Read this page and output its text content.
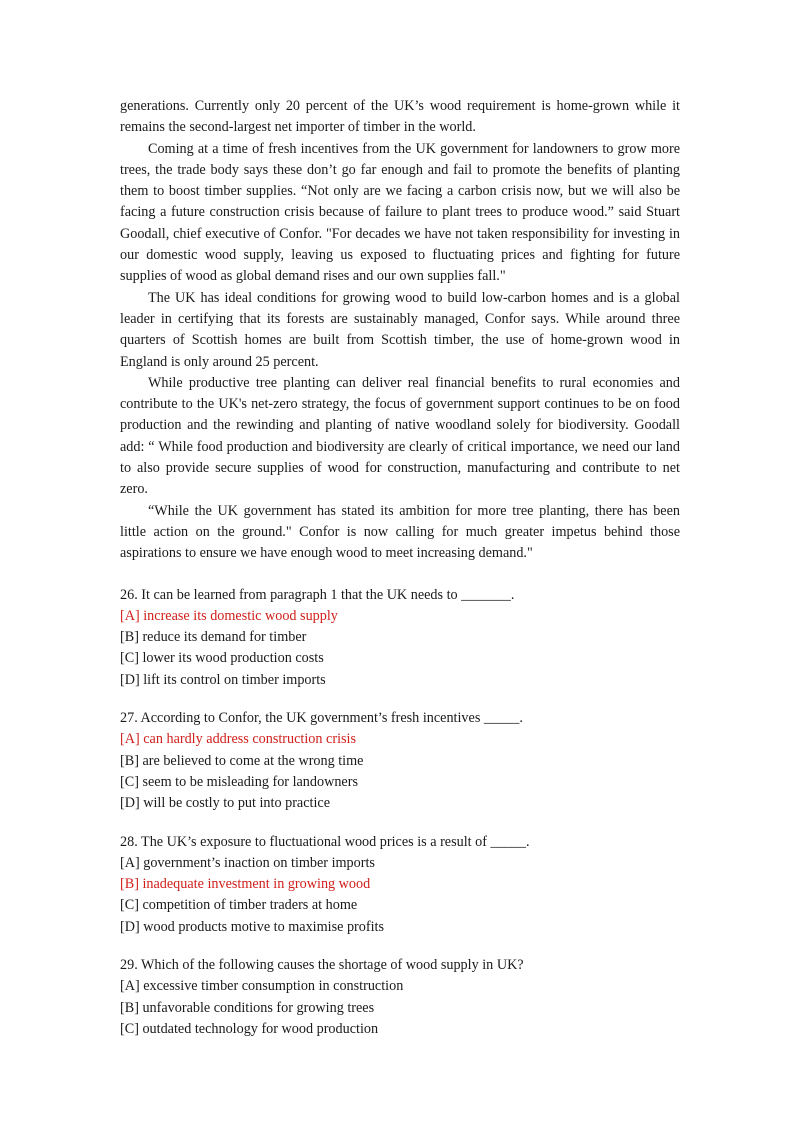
generations. Currently only 20 percent of the UK’s wood requirement is home-grown while it remains the second-largest net importer of timber in the world.

Coming at a time of fresh incentives from the UK government for landowners to grow more trees, the trade body says these don’t go far enough and fail to promote the benefits of planting them to boost timber supplies. “Not only are we facing a carbon crisis now, but we will also be facing a future construction crisis because of failure to plant trees to produce wood.” said Stuart Goodall, chief executive of Confor. "For decades we have not taken responsibility for investing in our domestic wood supply, leaving us exposed to fluctuating prices and fighting for future supplies of wood as global demand rises and our own supplies fall."

The UK has ideal conditions for growing wood to build low-carbon homes and is a global leader in certifying that its forests are sustainably managed, Confor says. While around three quarters of Scottish homes are built from Scottish timber, the use of home-grown wood in England is only around 25 percent.

While productive tree planting can deliver real financial benefits to rural economies and contribute to the UK's net-zero strategy, the focus of government support continues to be on food production and the rewinding and planting of native woodland solely for biodiversity. Goodall add: “ While food production and biodiversity are clearly of critical importance, we need our land to also provide secure supplies of wood for construction, manufacturing and contribute to net zero.

“While the UK government has stated its ambition for more tree planting, there has been little action on the ground." Confor is now calling for much greater impetus behind those aspirations to ensure we have enough wood to meet increasing demand."

26. It can be learned from paragraph 1 that the UK needs to _______.

[A] increase its domestic wood supply

[B] reduce its demand for timber

[C] lower its wood production costs

[D] lift its control on timber imports

27. According to Confor, the UK government’s fresh incentives _____.

[A] can hardly address construction crisis

[B] are believed to come at the wrong time

[C] seem to be misleading for landowners

[D] will be costly to put into practice

28. The UK’s exposure to fluctuational wood prices is a result of _____.

[A] government’s inaction on timber imports

[B] inadequate investment in growing wood

[C] competition of timber traders at home

[D] wood products motive to maximise profits

29. Which of the following causes the shortage of wood supply in UK?

[A] excessive timber consumption in construction

[B] unfavorable conditions for growing trees

[C] outdated technology for wood production
